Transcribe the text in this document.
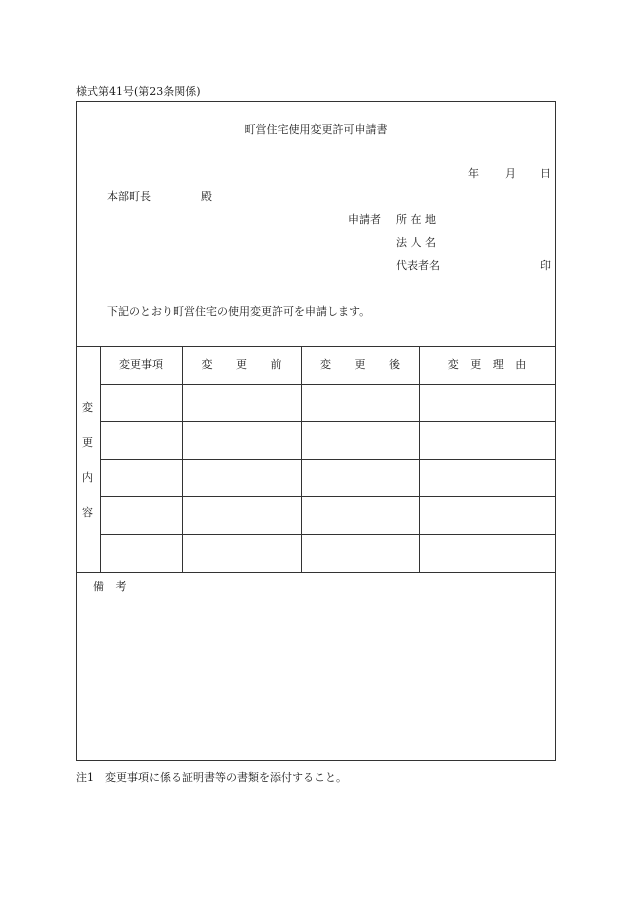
様式第41号(第23条関係)
町営住宅使用変更許可申請書
年 月 日
本部町長	殿
申請者 所 在 地
法 人 名
代表者名	印
下記のとおり町営住宅の使用変更許可を申請します。
変
更
内
容
変更事項	変 更 前	変 更 後	変 更 理 由
備 考
注1　変更事項に係る証明書等の書類を添付すること。
